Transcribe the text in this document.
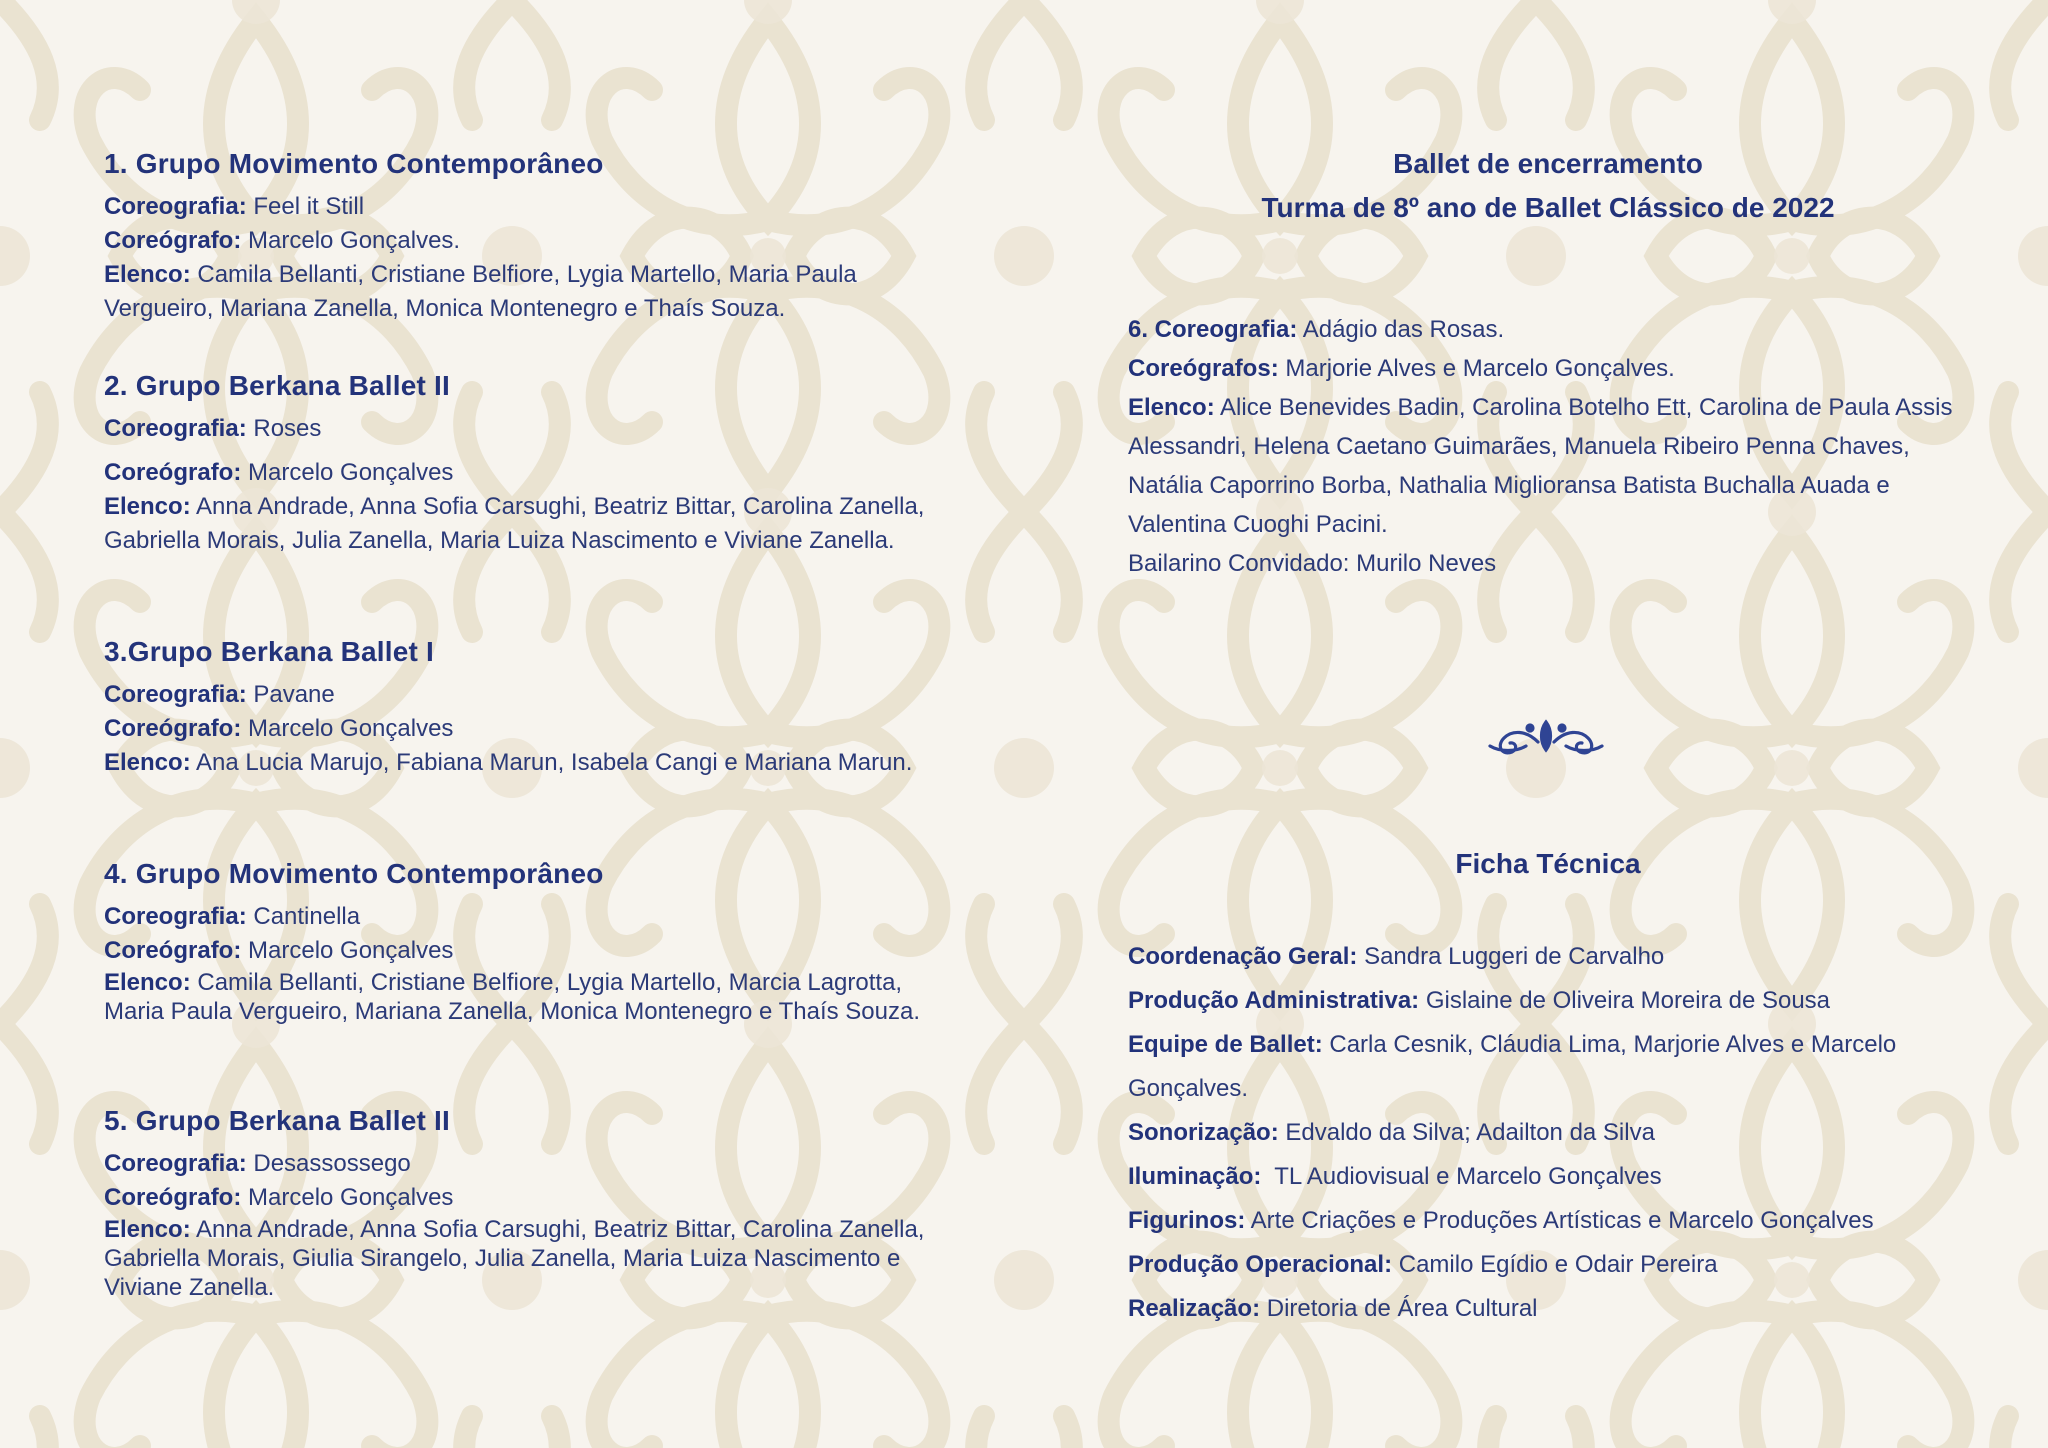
1. Grupo Movimento Contemporâneo

Coreografia: Feel it Still

Coreógrafo: Marcelo Gonçalves.

Elenco: Camila Bellanti, Cristiane Belfiore, Lygia Martello, Maria Paula Vergueiro, Mariana Zanella, Monica Montenegro e Thaís Souza.

2. Grupo Berkana Ballet II

Coreografia: Roses

Coreógrafo: Marcelo Gonçalves

Elenco: Anna Andrade, Anna Sofia Carsughi, Beatriz Bittar, Carolina Zanella, Gabriella Morais, Julia Zanella, Maria Luiza Nascimento e Viviane Zanella.

3.Grupo Berkana Ballet I

Coreografia: Pavane

Coreógrafo: Marcelo Gonçalves

Elenco: Ana Lucia Marujo, Fabiana Marun, Isabela Cangi e Mariana Marun.

4. Grupo Movimento Contemporâneo

Coreografia: Cantinella

Coreógrafo: Marcelo Gonçalves

Elenco: Camila Bellanti, Cristiane Belfiore, Lygia Martello, Marcia Lagrotta, Maria Paula Vergueiro, Mariana Zanella, Monica Montenegro e Thaís Souza.

5. Grupo Berkana Ballet II

Coreografia: Desassossego

Coreógrafo: Marcelo Gonçalves

Elenco: Anna Andrade, Anna Sofia Carsughi, Beatriz Bittar, Carolina Zanella, Gabriella Morais, Giulia Sirangelo, Julia Zanella, Maria Luiza Nascimento e Viviane Zanella.

Ballet de encerramento
Turma de 8º ano de Ballet Clássico de 2022

6. Coreografia: Adágio das Rosas.

Coreógrafos: Marjorie Alves e Marcelo Gonçalves.

Elenco: Alice Benevides Badin, Carolina Botelho Ett, Carolina de Paula Assis Alessandri, Helena Caetano Guimarães, Manuela Ribeiro Penna Chaves, Natália Caporrino Borba, Nathalia Miglioransa Batista Buchalla Auada e Valentina Cuoghi Pacini.

Bailarino Convidado: Murilo Neves

Ficha Técnica

Coordenação Geral: Sandra Luggeri de Carvalho

Produção Administrativa: Gislaine de Oliveira Moreira de Sousa

Equipe de Ballet: Carla Cesnik, Cláudia Lima, Marjorie Alves e Marcelo Gonçalves.

Sonorização: Edvaldo da Silva; Adailton da Silva

Iluminação:  TL Audiovisual e Marcelo Gonçalves

Figurinos: Arte Criações e Produções Artísticas e Marcelo Gonçalves

Produção Operacional: Camilo Egídio e Odair Pereira

Realização: Diretoria de Área Cultural
